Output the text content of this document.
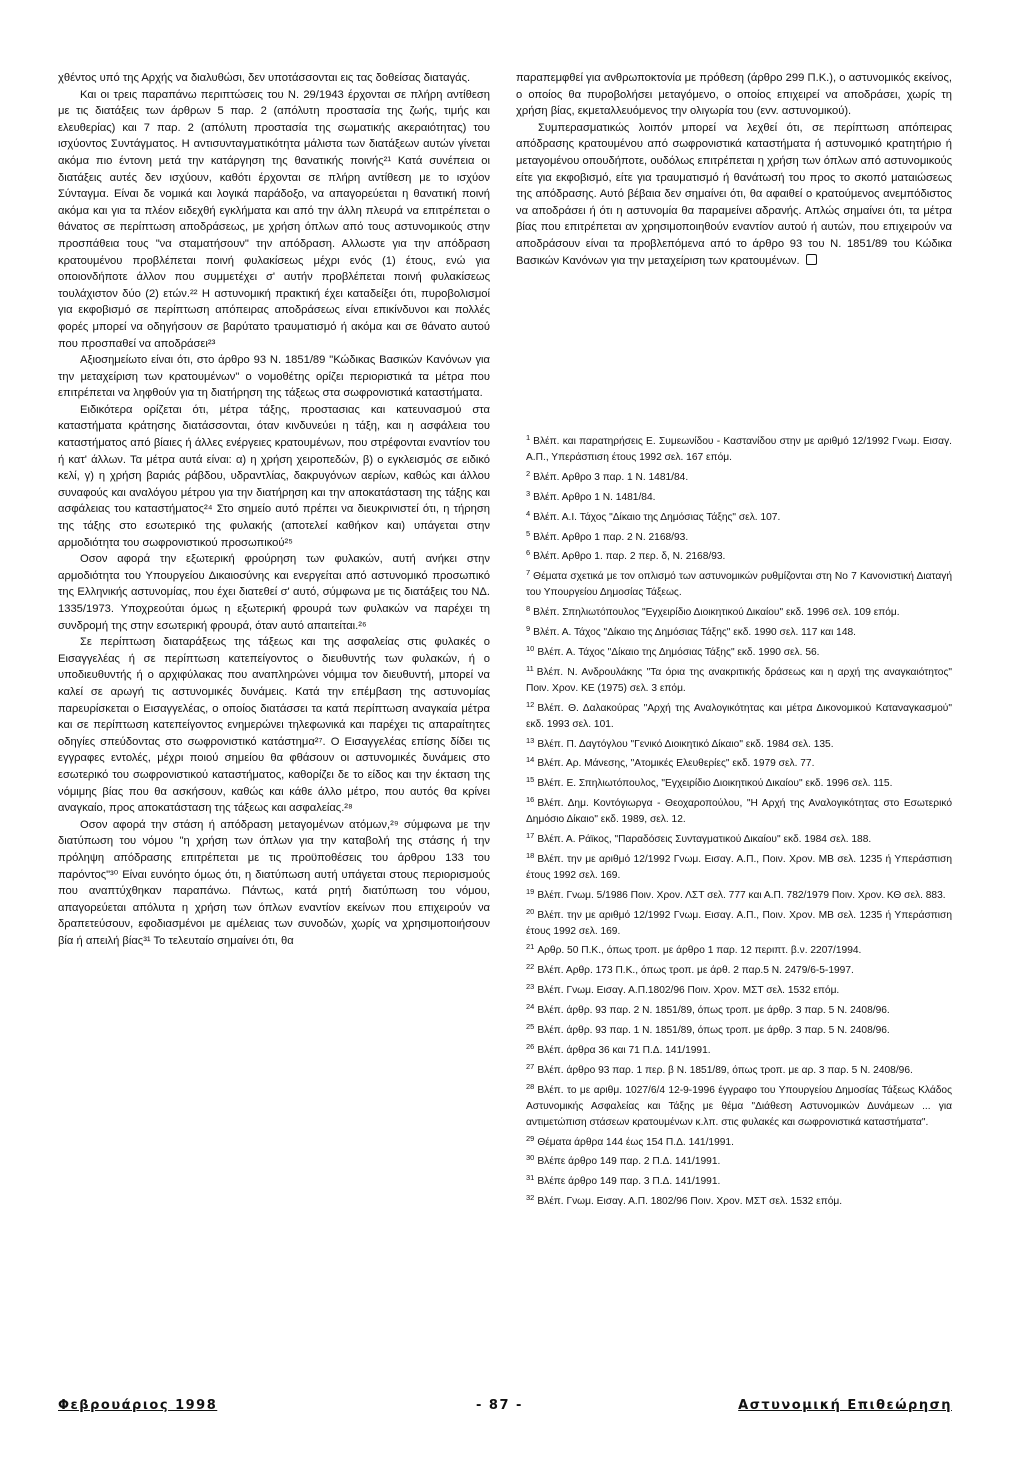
χθέντος υπό της Αρχής να διαλυθώσι, δεν υποτάσσονται εις τας δοθείσας διαταγάς.

Και οι τρεις παραπάνω περιπτώσεις του Ν. 29/1943 έρχονται σε πλήρη αντίθεση με τις διατάξεις των άρθρων 5 παρ. 2 (απόλυτη προστασία της ζωής, τιμής και ελευθερίας) και 7 παρ. 2 (απόλυτη προστασία της σωματικής ακεραιότητας) του ισχύοντος Συντάγματος. Η αντισυνταγματικότητα μάλιστα των διατάξεων αυτών γίνεται ακόμα πιο έντονη μετά την κατάργηση της θανατικής ποινής²¹ Κατά συνέπεια οι διατάξεις αυτές δεν ισχύουν, καθότι έρχονται σε πλήρη αντίθεση με το ισχύον Σύνταγμα. Είναι δε νομικά και λογικά παράδοξο, να απαγορεύεται η θανατική ποινή ακόμα και για τα πλέον ειδεχθή εγκλήματα και από την άλλη πλευρά να επιτρέπεται ο θάνατος σε περίπτωση αποδράσεως, με χρήση όπλων από τους αστυνομικούς στην προσπάθεια τους "να σταματήσουν" την απόδραση. Αλλωστε για την απόδραση κρατουμένου προβλέπεται ποινή φυλακίσεως μέχρι ενός (1) έτους, ενώ για οποιονδήποτε άλλον που συμμετέχει σ' αυτήν προβλέπεται ποινή φυλακίσεως τουλάχιστον δύο (2) ετών.²² Η αστυνομική πρακτική έχει καταδείξει ότι, πυροβολισμοί για εκφοβισμό σε περίπτωση απόπειρας αποδράσεως είναι επικίνδυνοι και πολλές φορές μπορεί να οδηγήσουν σε βαρύτατο τραυματισμό ή ακόμα και σε θάνατο αυτού που προσπαθεί να αποδράσει²³

Αξιοσημείωτο είναι ότι, στο άρθρο 93 Ν. 1851/89 "Κώδικας Βασικών Κανόνων για την μεταχείριση των κρατουμένων" ο νομοθέτης ορίζει περιοριστικά τα μέτρα που επιτρέπεται να ληφθούν για τη διατήρηση της τάξεως στα σωφρονιστικά καταστήματα.

Ειδικότερα ορίζεται ότι, μέτρα τάξης, προστασιας και κατευνασμού στα καταστήματα κράτησης διατάσσονται, όταν κινδυνεύει η τάξη, και η ασφάλεια του καταστήματος από βίαιες ή άλλες ενέργειες κρατουμένων, που στρέφονται εναντίον του ή κατ' άλλων. Τα μέτρα αυτά είναι: α) η χρήση χειροπεδών, β) ο εγκλεισμός σε ειδικό κελί, γ) η χρήση βαριάς ράβδου, υδραντλίας, δακρυγόνων αερίων, καθώς και άλλου συναφούς και αναλόγου μέτρου για την διατήρηση και την αποκατάσταση της τάξης και ασφάλειας του καταστήματος²⁴ Στο σημείο αυτό πρέπει να διευκρινιστεί ότι, η τήρηση της τάξης στο εσωτερικό της φυλακής (αποτελεί καθήκον και) υπάγεται στην αρμοδιότητα του σωφρονιστικού προσωπικού²⁵

Οσον αφορά την εξωτερική φρούρηση των φυλακών, αυτή ανήκει στην αρμοδιότητα του Υπουργείου Δικαιοσύνης και ενεργείται από αστυνομικό προσωπικό της Ελληνικής αστυνομίας, που έχει διατεθεί σ' αυτό, σύμφωνα με τις διατάξεις του ΝΔ. 1335/1973. Υποχρεούται όμως η εξωτερική φρουρά των φυλακών να παρέχει τη συνδρομή της στην εσωτερική φρουρά, όταν αυτό απαιτείται.²⁶

Σε περίπτωση διαταράξεως της τάξεως και της ασφαλείας στις φυλακές ο Εισαγγελέας ή σε περίπτωση κατεπείγοντος ο διευθυντής των φυλακών, ή ο υποδιευθυντής ή ο αρχιφύλακας που αναπληρώνει νόμιμα τον διευθυντή, μπορεί να καλεί σε αρωγή τις αστυνομικές δυνάμεις. Κατά την επέμβαση της αστυνομίας παρευρίσκεται ο Εισαγγελέας, ο οποίος διατάσσει τα κατά περίπτωση αναγκαία μέτρα και σε περίπτωση κατεπείγοντος ενημερώνει τηλεφωνικά και παρέχει τις απαραίτητες οδηγίες σπεύδοντας στο σωφρονιστικό κατάστημα²⁷. Ο Εισαγγελέας επίσης δίδει τις εγγραφες εντολές, μέχρι ποιού σημείου θα φθάσουν οι αστυνομικές δυνάμεις στο εσωτερικό του σωφρονιστικού καταστήματος, καθορίζει δε το είδος και την έκταση της νόμιμης βίας που θα ασκήσουν, καθώς και κάθε άλλο μέτρο, που αυτός θα κρίνει αναγκαίο, προς αποκατάσταση της τάξεως και ασφαλείας.²⁸

Οσον αφορά την στάση ή απόδραση μεταγομένων ατόμων,²⁹ σύμφωνα με την διατύπωση του νόμου "η χρήση των όπλων για την καταβολή της στάσης ή την πρόληψη απόδρασης επιτρέπεται με τις προϋποθέσεις του άρθρου 133 του παρόντος"³⁰ Είναι ευνόητο όμως ότι, η διατύπωση αυτή υπάγεται στους περιορισμούς που αναπτύχθηκαν παραπάνω. Πάντως, κατά ρητή διατύπωση του νόμου, απαγορεύεται απόλυτα η χρήση των όπλων εναντίον εκείνων που επιχειρούν να δραπετεύσουν, εφοδιασμένοι με αμέλειας των συνοδών, χωρίς να χρησιμοποιήσουν βία ή απειλή βίας³¹ Το τελευταίο σημαίνει ότι, θα

παραπεμφθεί για ανθρωποκτονία με πρόθεση (άρθρο 299 Π.Κ.), ο αστυνομικός εκείνος, ο οποίος θα πυροβολήσει μεταγόμενο, ο οποίος επιχειρεί να αποδράσει, χωρίς τη χρήση βίας, εκμεταλλευόμενος την ολιγωρία του (εvv. αστυνομικού).

Συμπερασματικώς λοιπόν μπορεί να λεχθεί ότι, σε περίπτωση απόπειρας απόδρασης κρατουμένου από σωφρονιστικά καταστήματα ή αστυνομικό κρατητήριο ή μεταγομένου οπουδήποτε, ουδόλως επιτρέπεται η χρήση των όπλων από αστυνομικούς είτε για εκφοβισμό, είτε για τραυματισμό ή θανάτωσή του προς το σκοπό ματαιώσεως της απόδρασης. Αυτό βέβαια δεν σημαίνει ότι, θα αφαιθεί ο κρατούμενος ανεμπόδιστος να αποδράσει ή ότι η αστυνομία θα παραμείνει αδρανής. Απλώς σημαίνει ότι, τα μέτρα βίας που επιτρέπεται αν χρησιμοποιηθούν εναντίον αυτού ή αυτών, που επιχειρούν να αποδράσουν είναι τα προβλεπόμενα από το άρθρο 93 του Ν. 1851/89 του Κώδικα Βασικών Κανόνων για την μεταχείριση των κρατουμένων.

$^1$ Βλέπ. και παρατηρήσεις Ε. Συμεωνίδου - Καστανίδου στην με αριθμό 12/1992 Γνωμ. Εισαγ. Α.Π., Υπεράσπιση έτους 1992 σελ. 167 επόμ.

$^2$ Βλέπ. Αρθρο 3 παρ. 1 Ν. 1481/84.

$^3$ Βλέπ. Αρθρο 1 Ν. 1481/84.

$^4$ Βλέπ. Α.Ι. Τάχος "Δίκαιο της Δημόσιας Τάξης" σελ. 107.

$^5$ Βλέπ. Αρθρο 1 παρ. 2 Ν. 2168/93.

$^6$ Βλέπ. Αρθρο 1. παρ. 2 περ. δ, Ν. 2168/93.

$^7$ Θέματα σχετικά με τον οπλισμό των αστυνομικών ρυθμίζονται στη Νο 7 Κανονιστική Διαταγή του Υπουργείου Δημοσίας Τάξεως.

$^8$ Βλέπ. Σπηλιωτόπουλος "Εγχειρίδιο Διοικητικού Δικαίου" εκδ. 1996 σελ. 109 επόμ.

$^9$ Βλέπ. Α. Τάχος "Δίκαιο της Δημόσιας Τάξης" εκδ. 1990 σελ. 117 και 148.

$^{10}$ Βλέπ. Α. Τάχος "Δίκαιο της Δημόσιας Τάξης" εκδ. 1990 σελ. 56.

$^{11}$ Βλέπ. Ν. Ανδρουλάκης "Τα όρια της ανακριτικής δράσεως και η αρχή της αναγκαιότητος" Ποιν. Χρον. ΚΕ (1975) σελ. 3 επόμ.

$^{12}$ Βλέπ. Θ. Δαλακούρας "Αρχή της Αναλογικότητας και μέτρα Δικονομικού Καταναγκασμού" εκδ. 1993 σελ. 101.

$^{13}$ Βλέπ. Π. Δαγτόγλου "Γενικό Διοικητικό Δίκαιο" εκδ. 1984 σελ. 135.

$^{14}$ Βλέπ. Αρ. Μάνεσης, "Ατομικές Ελευθερίες" εκδ. 1979 σελ. 77.

$^{15}$ Βλέπ. Ε. Σπηλιωτόπουλος, "Εγχειρίδιο Διοικητικού Δικαίου" εκδ. 1996 σελ. 115.

$^{16}$ Βλέπ. Δημ. Κοντόγιωργα - Θεοχαροπούλου, "Η Αρχή της Αναλογικότητας στο Εσωτερικό Δημόσιο Δίκαιο" εκδ. 1989, σελ. 12.

$^{17}$ Βλέπ. Α. Ράϊκος, "Παραδόσεις Συνταγματικού Δικαίου" εκδ. 1984 σελ. 188.

$^{18}$ Βλέπ. την με αριθμό 12/1992 Γνωμ. Εισαγ. Α.Π., Ποιν. Χρον. ΜΒ σελ. 1235 ή Υπεράσπιση έτους 1992 σελ. 169.

$^{19}$ Βλέπ. Γνωμ. 5/1986 Ποιν. Χρον. ΛΣΤ σελ. 777 και Α.Π. 782/1979 Ποιν. Χρον. ΚΘ σελ. 883.

$^{20}$ Βλέπ. την με αριθμό 12/1992 Γνωμ. Εισαγ. Α.Π., Ποιν. Χρον. ΜΒ σελ. 1235 ή Υπεράσπιση έτους 1992 σελ. 169.

$^{21}$ Αρθρ. 50 Π.Κ., όπως τροπ. με άρθρο 1 παρ. 12 περιπτ. β.ν. 2207/1994.

$^{22}$ Βλέπ. Αρθρ. 173 Π.Κ., όπως τροπ. με άρθ. 2 παρ.5 Ν. 2479/6-5-1997.

$^{23}$ Βλέπ. Γνωμ. Εισαγ. Α.Π.1802/96 Ποιν. Χρον. ΜΣΤ σελ. 1532 επόμ.

$^{24}$ Βλέπ. άρθρ. 93 παρ. 2 Ν. 1851/89, όπως τροπ. με άρθρ. 3 παρ. 5 Ν. 2408/96.

$^{25}$ Βλέπ. άρθρ. 93 παρ. 1 Ν. 1851/89, όπως τροπ. με άρθρ. 3 παρ. 5 Ν. 2408/96.

$^{26}$ Βλέπ. άρθρα 36 και 71 Π.Δ. 141/1991.

$^{27}$ Βλέπ. άρθρο 93 παρ. 1 περ. β Ν. 1851/89, όπως τροπ. με αρ. 3 παρ. 5 Ν. 2408/96.

$^{28}$ Βλέπ. το με αριθμ. 1027/6/4 12-9-1996 έγγραφο του Υπουργείου Δημοσίας Τάξεως Κλάδος Αστυνομικής Ασφαλείας και Τάξης με θέμα "Διάθεση Αστυνομικών Δυνάμεων ... για αντιμετώπιση στάσεων κρατουμένων κ.λπ. στις φυλακές και σωφρονιστικά καταστήματα".

$^{29}$ Θέματα άρθρα 144 έως 154 Π.Δ. 141/1991.

$^{30}$ Βλέπε άρθρο 149 παρ. 2 Π.Δ. 141/1991.

$^{31}$ Βλέπε άρθρο 149 παρ. 3 Π.Δ. 141/1991.

$^{32}$ Βλέπ. Γνωμ. Εισαγ. Α.Π. 1802/96 Ποιν. Χρον. ΜΣΤ σελ. 1532 επόμ.

Φεβρουάριος 1998	- 87 -	Αστυνομική Επιθεώρηση
